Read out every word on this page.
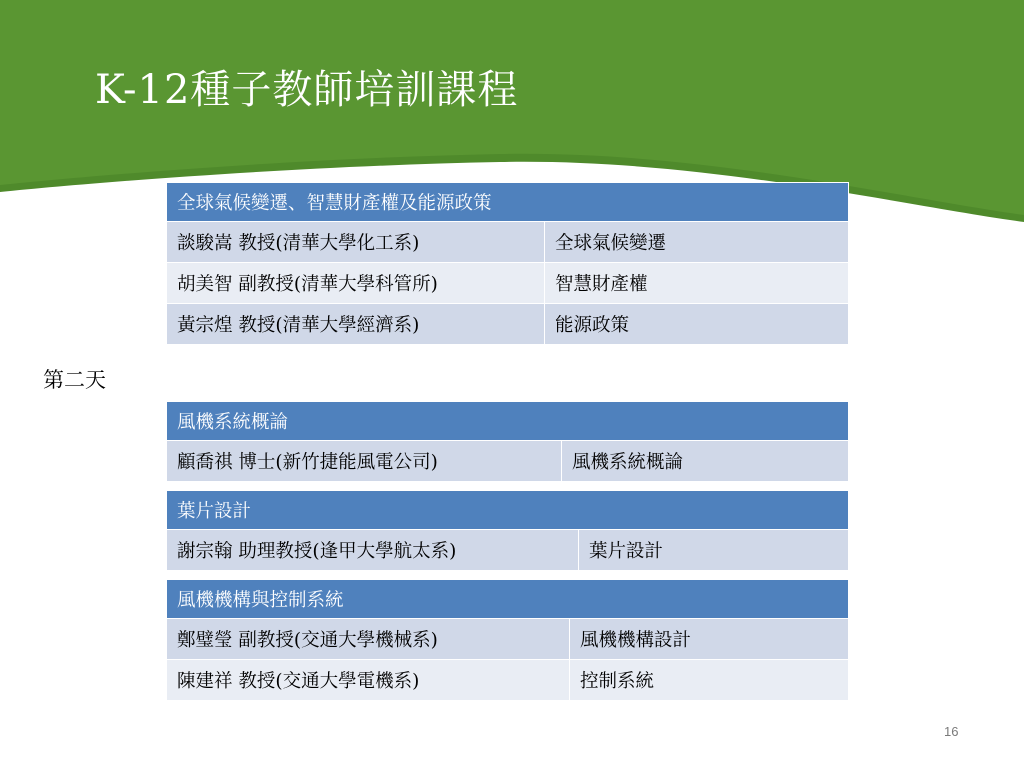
K-12種子教師培訓課程
第二天
全球氣候變遷、智慧財產權及能源政策	
談駿嵩 教授(清華大學化工系)	全球氣候變遷
胡美智 副教授(清華大學科管所)	智慧財產權
黃宗煌 教授(清華大學經濟系)	能源政策
風機系統概論
顧喬祺 博士(新竹捷能風電公司)	風機系統概論
葉片設計
謝宗翰 助理教授(逢甲大學航太系)	葉片設計
風機機構與控制系統	
鄭璧瑩 副教授(交通大學機械系)	風機機構設計
陳建祥 教授(交通大學電機系)	控制系統
16
